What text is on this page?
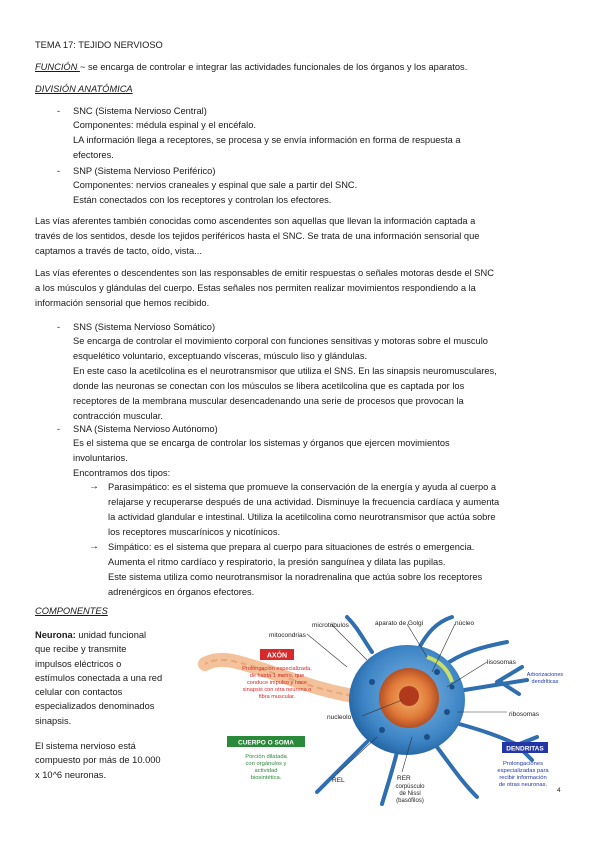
TEMA 17: TEJIDO NERVIOSO
FUNCIÓN ~ se encarga de controlar e integrar las actividades funcionales de los órganos y los aparatos.
DIVISIÓN ANATÓMICA
- SNC (Sistema Nervioso Central)
Componentes: médula espinal y el encéfalo.
LA información llega a receptores, se procesa y se envía información en forma de respuesta a
efectores.
- SNP (Sistema Nervioso Periférico)
Componentes: nervios craneales y espinal que sale a partir del SNC.
Están conectados con los receptores y controlan los efectores.
Las vías aferentes también conocidas como ascendentes son aquellas que llevan la información captada a
través de los sentidos, desde los tejidos periféricos hasta el SNC. Se trata de una información sensorial que
captamos a través de tacto, oído, vista...
Las vías eferentes o descendentes son las responsables de emitir respuestas o señales motoras desde el SNC
a los músculos y glándulas del cuerpo. Estas señales nos permiten realizar movimientos respondiendo a la
información sensorial que hemos recibido.
- SNS (Sistema Nervioso Somático)
Se encarga de controlar el movimiento corporal con funciones sensitivas y motoras sobre el musculo
esquelético voluntario, exceptuando vísceras, músculo liso y glándulas.
En este caso la acetilcolina es el neurotransmisor que utiliza el SNS. En las sinapsis neuromusculares,
donde las neuronas se conectan con los músculos se libera acetilcolina que es captada por los
receptores de la membrana muscular desencadenando una serie de procesos que provocan la
contracción muscular.
- SNA (Sistema Nervioso Autónomo)
Es el sistema que se encarga de controlar los sistemas y órganos que ejercen movimientos
involuntarios.
Encontramos dos tipos:
→ Parasimpático: es el sistema que promueve la conservación de la energía y ayuda al cuerpo a
relajarse y recuperarse después de una actividad. Disminuye la frecuencia cardíaca y aumenta
la actividad glandular e intestinal. Utiliza la acetilcolina como neurotransmisor que actúa sobre
los receptores muscarínicos y nicotínicos.
→ Simpático: es el sistema que prepara al cuerpo para situaciones de estrés o emergencia.
Aumenta el ritmo cardíaco y respiratorio, la presión sanguínea y dilata las pupilas.
Este sistema utiliza como neurotransmisor la noradrenalina que actúa sobre los receptores
adrenérgicos en órganos efectores.
COMPONENTES
Neurona: unidad funcional
que recibe y transmite
impulsos eléctricos o
estímulos conectada a una red
celular con contactos
especializados denominados
sinapsis.
El sistema nervioso está
compuesto por más de 10.000
x 10^6 neuronas.
microtúbulos
mitocondrias
aparato de Golgi	núcleo
AXÓN
Prolongación especializada,
de hasta 1 metro, que
conduce impulso y hace
sinapsis con otra neurona o
fibra muscular.
lisosomas
Arborizaciones
dendríticas
nucleolo	ribosomas
CUERPO O SOMA
Porción dilatada
con orgánulos y
actividad
biosintética.	REL	RER
corpúsculo
de Nissl
(basófilos)
DENDRITAS
Prolongaciones
especializadas para
recibir información
de otras neuronas.
4
